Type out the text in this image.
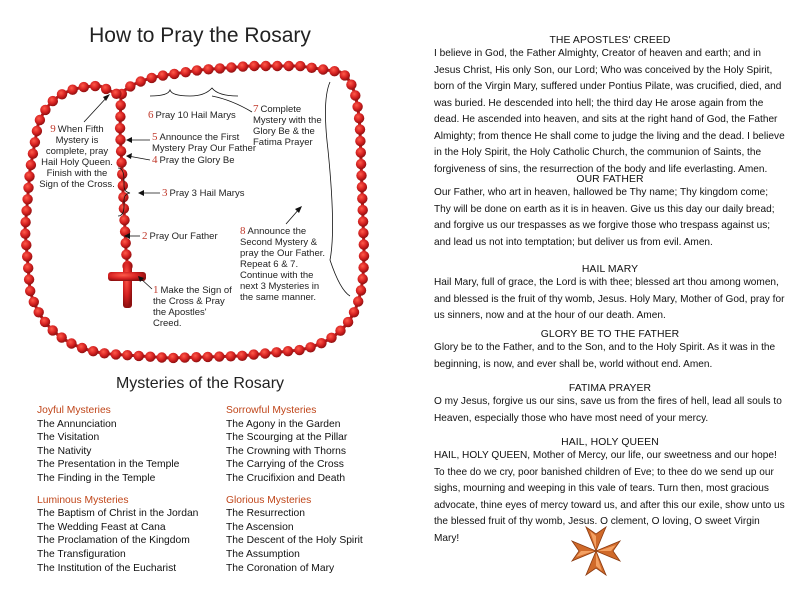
How to Pray the Rosary
1 Make the Sign of the Cross & Pray the Apostles' Creed.
2 Pray Our Father
3 Pray 3 Hail Marys
4 Pray the Glory Be
5 Announce the First Mystery Pray Our Father
6 Pray 10 Hail Marys
7 Complete Mystery with the Glory Be & the Fatima Prayer
8 Announce the Second Mystery & pray the Our Father. Repeat 6 & 7. Continue with the next 3 Mysteries in the same manner.
9 When Fifth Mystery is complete, pray Hail Holy Queen. Finish with the Sign of the Cross.
Mysteries of the Rosary
Joyful Mysteries
The Annunciation
The Visitation
The Nativity
The Presentation in the Temple
The Finding in the Temple
Luminous Mysteries
The Baptism of Christ in the Jordan
The Wedding Feast at Cana
The Proclamation of the Kingdom
The Transfiguration
The Institution of the Eucharist
Sorrowful Mysteries
The Agony in the Garden
The Scourging at the Pillar
The Crowning with Thorns
The Carrying of the Cross
The Crucifixion and Death
Glorious Mysteries
The Resurrection
The Ascension
The Descent of the Holy Spirit
The Assumption
The Coronation of Mary
THE APOSTLES' CREED

I believe in God, the Father Almighty, Creator of heaven and earth; and in Jesus Christ, His only Son, our Lord; Who was conceived by the Holy Spirit, born of the Virgin Mary, suffered under Pontius Pilate, was crucified, died, and was buried. He descended into hell; the third day He arose again from the dead. He ascended into heaven, and sits at the right hand of God, the Father Almighty; from thence He shall come to judge the living and the dead. I believe in the Holy Spirit, the Holy Catholic Church, the communion of Saints, the forgiveness of sins, the resurrection of the body and life everlasting. Amen.

OUR FATHER

Our Father, who art in heaven, hallowed be Thy name; Thy kingdom come; Thy will be done on earth as it is in heaven. Give us this day our daily bread; and forgive us our trespasses as we forgive those who trespass against us; and lead us not into temptation; but deliver us from evil. Amen.

HAIL MARY

Hail Mary, full of grace, the Lord is with thee; blessed art thou among women, and blessed is the fruit of thy womb, Jesus. Holy Mary, Mother of God, pray for us sinners, now and at the hour of our death. Amen.

GLORY BE TO THE FATHER

Glory be to the Father, and to the Son, and to the Holy Spirit. As it was in the beginning, is now, and ever shall be, world without end. Amen.

FATIMA PRAYER

O my Jesus, forgive us our sins, save us from the fires of hell, lead all souls to Heaven, especially those who have most need of your mercy.

HAIL, HOLY QUEEN

HAIL, HOLY QUEEN, Mother of Mercy, our life, our sweetness and our hope! To thee do we cry, poor banished children of Eve; to thee do we send up our sighs, mourning and weeping in this vale of tears. Turn then, most gracious advocate, thine eyes of mercy toward us, and after this our exile, show unto us the blessed fruit of thy womb, Jesus. O clement, O loving, O sweet Virgin Mary!
